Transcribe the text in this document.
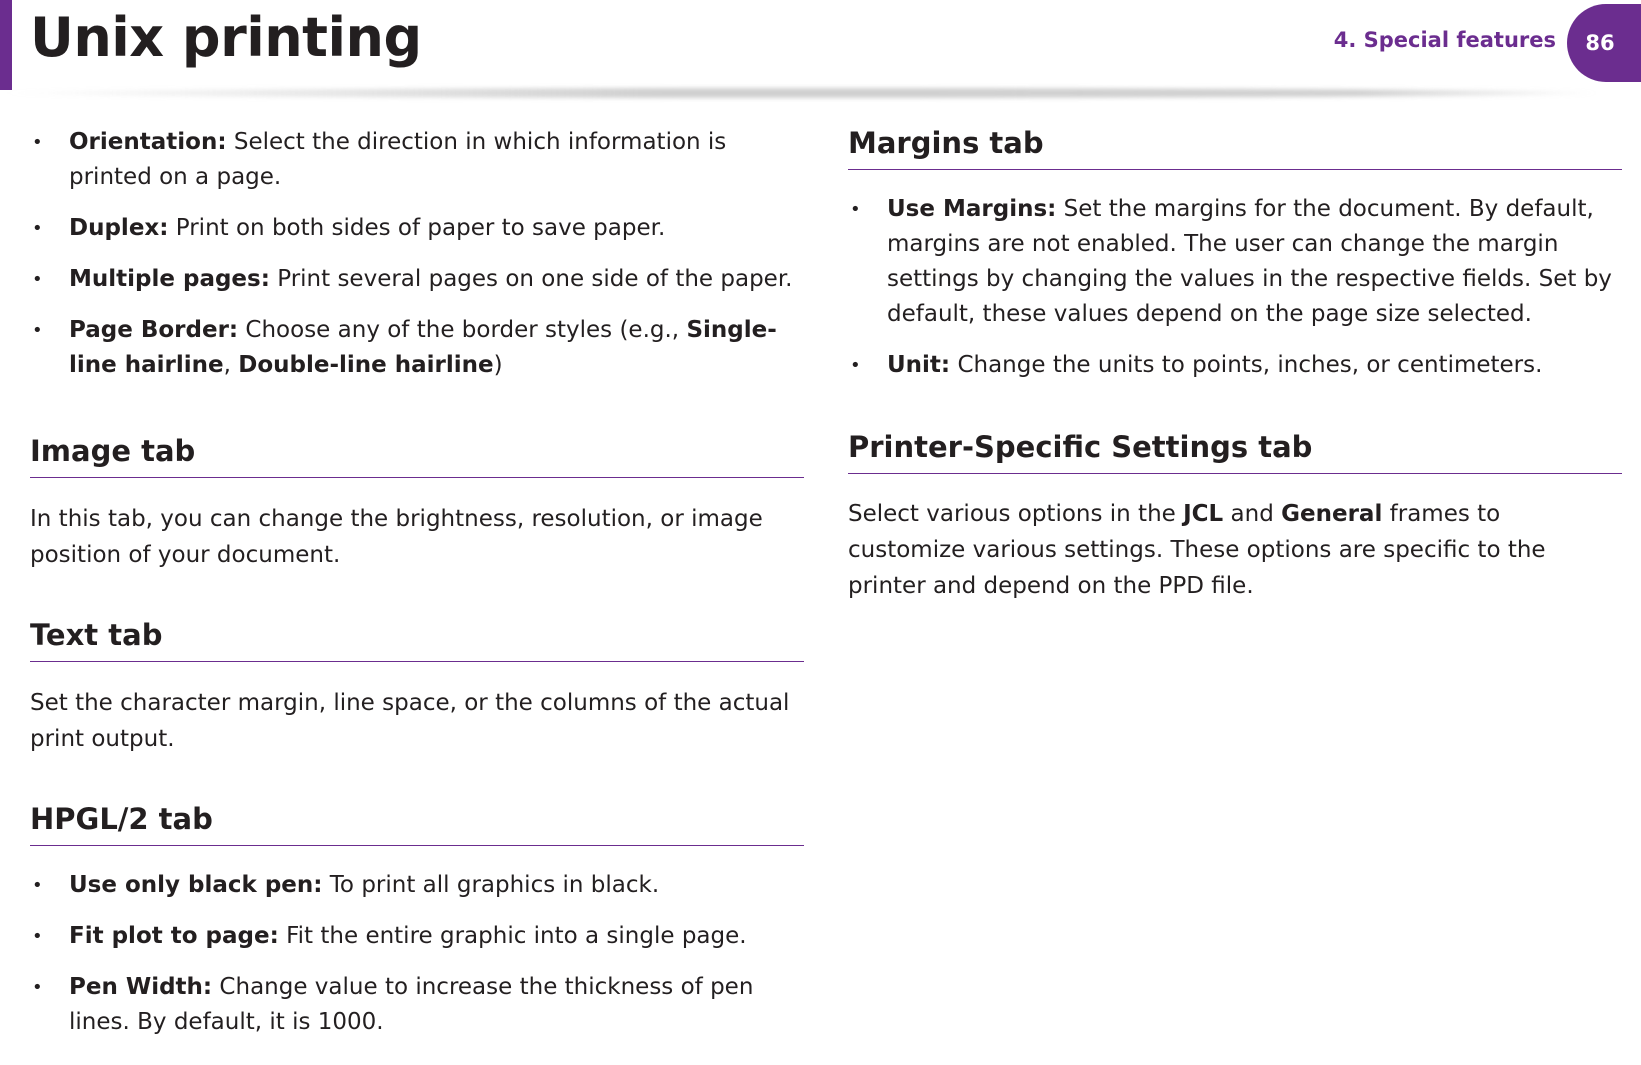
Unix printing	4. Special features 86
• Orientation: Select the direction in which information is printed on a page.
• Duplex: Print on both sides of paper to save paper.
• Multiple pages: Print several pages on one side of the paper.
• Page Border: Choose any of the border styles (e.g., Single-line hairline, Double-line hairline)
Image tab

In this tab, you can change the brightness, resolution, or image position of your document.

Text tab

Set the character margin, line space, or the columns of the actual print output.

HPGL/2 tab
• Use only black pen: To print all graphics in black.
• Fit plot to page: Fit the entire graphic into a single page.
• Pen Width: Change value to increase the thickness of pen lines. By default, it is 1000.
Margins tab
• Use Margins: Set the margins for the document. By default, margins are not enabled. The user can change the margin settings by changing the values in the respective fields. Set by default, these values depend on the page size selected.
• Unit: Change the units to points, inches, or centimeters.
Printer-Specific Settings tab

Select various options in the JCL and General frames to customize various settings. These options are specific to the printer and depend on the PPD file.
